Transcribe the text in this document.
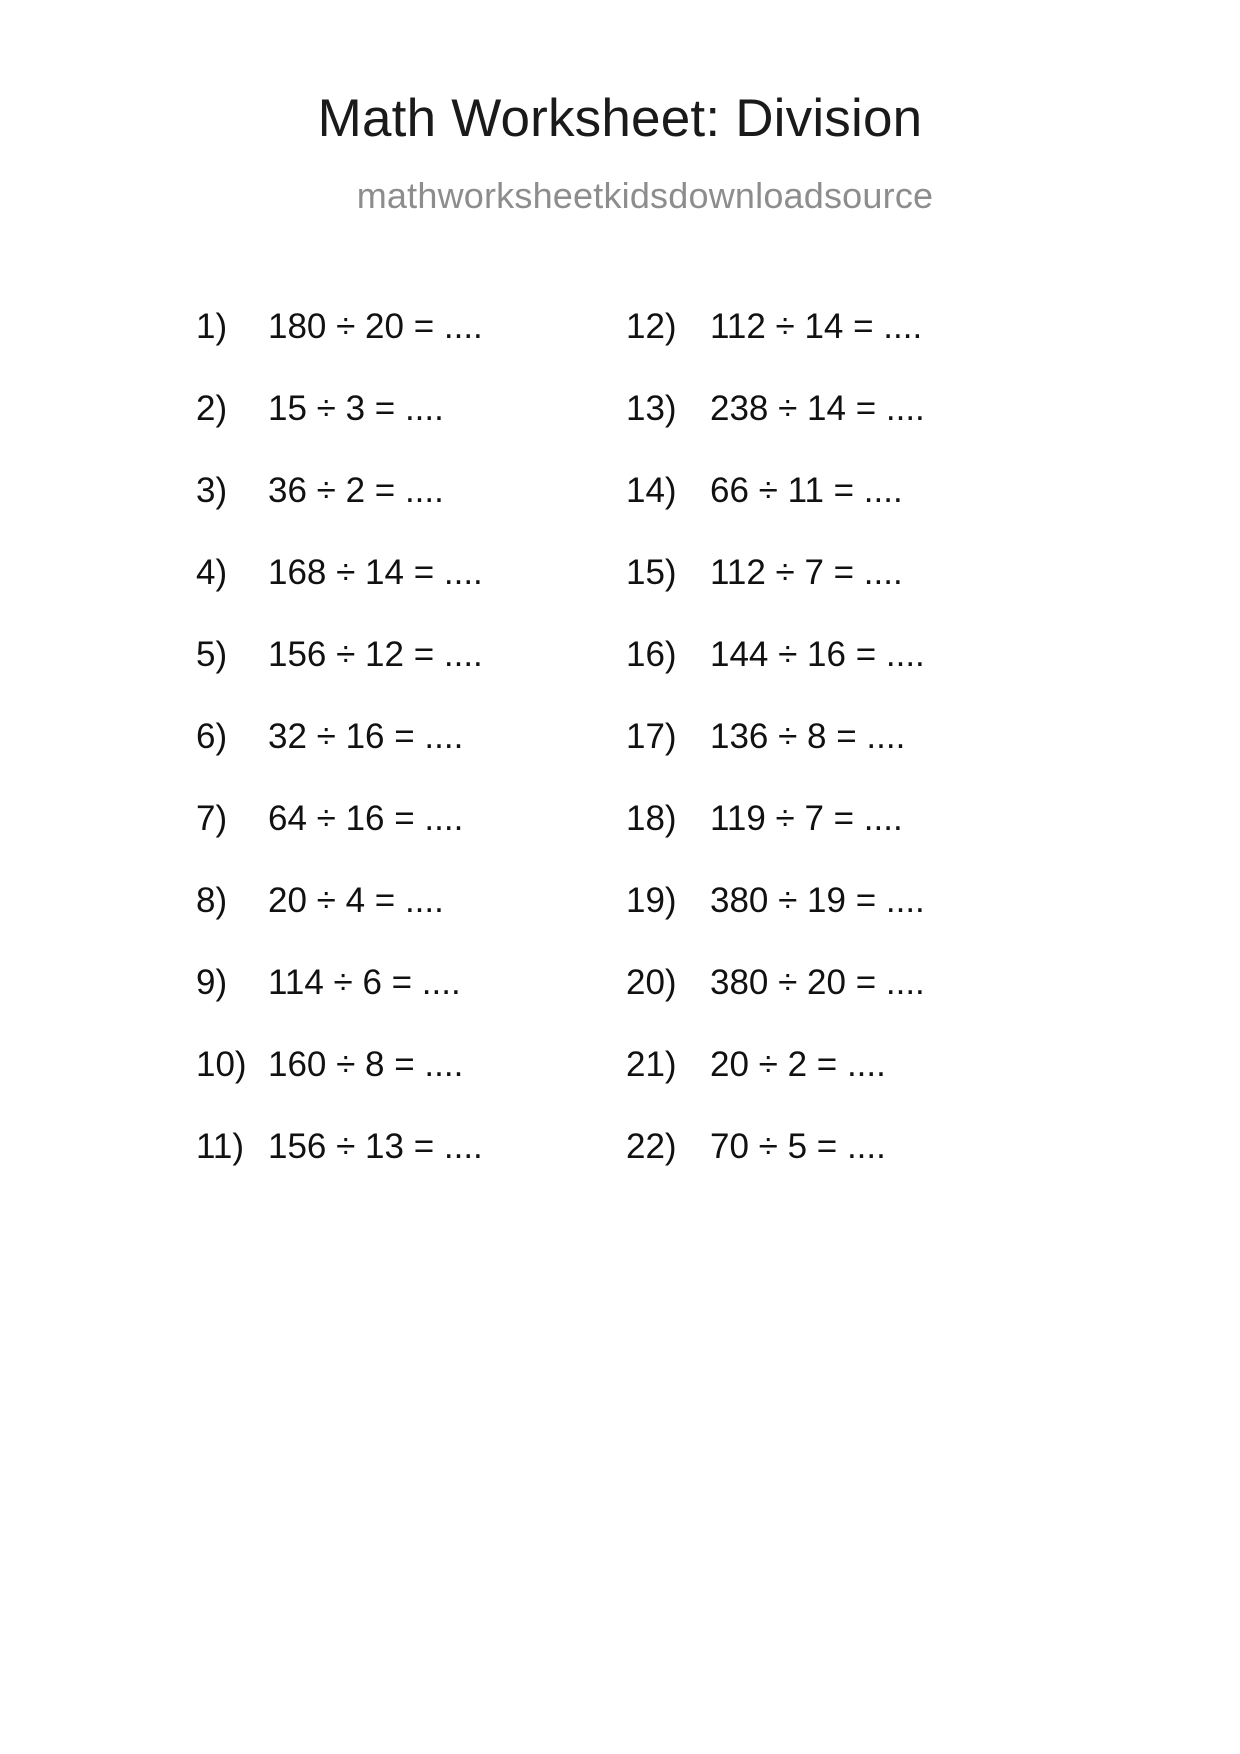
Math Worksheet: Division
mathworksheetkidsdownloadsource
1)	180 ÷ 20 = ....
2)	15 ÷ 3 = ....
3)	36 ÷ 2 = ....
4)	168 ÷ 14 = ....
5)	156 ÷ 12 = ....
6)	32 ÷ 16 = ....
7)	64 ÷ 16 = ....
8)	20 ÷ 4 = ....
9)	114 ÷ 6 = ....
10) 160 ÷ 8 = ....
11) 156 ÷ 13 = ....
12) 112 ÷ 14 = ....
13) 238 ÷ 14 = ....
14) 66 ÷ 11 = ....
15) 112 ÷ 7 = ....
16) 144 ÷ 16 = ....
17) 136 ÷ 8 = ....
18) 119 ÷ 7 = ....
19) 380 ÷ 19 = ....
20) 380 ÷ 20 = ....
21) 20 ÷ 2 = ....
22) 70 ÷ 5 = ....
